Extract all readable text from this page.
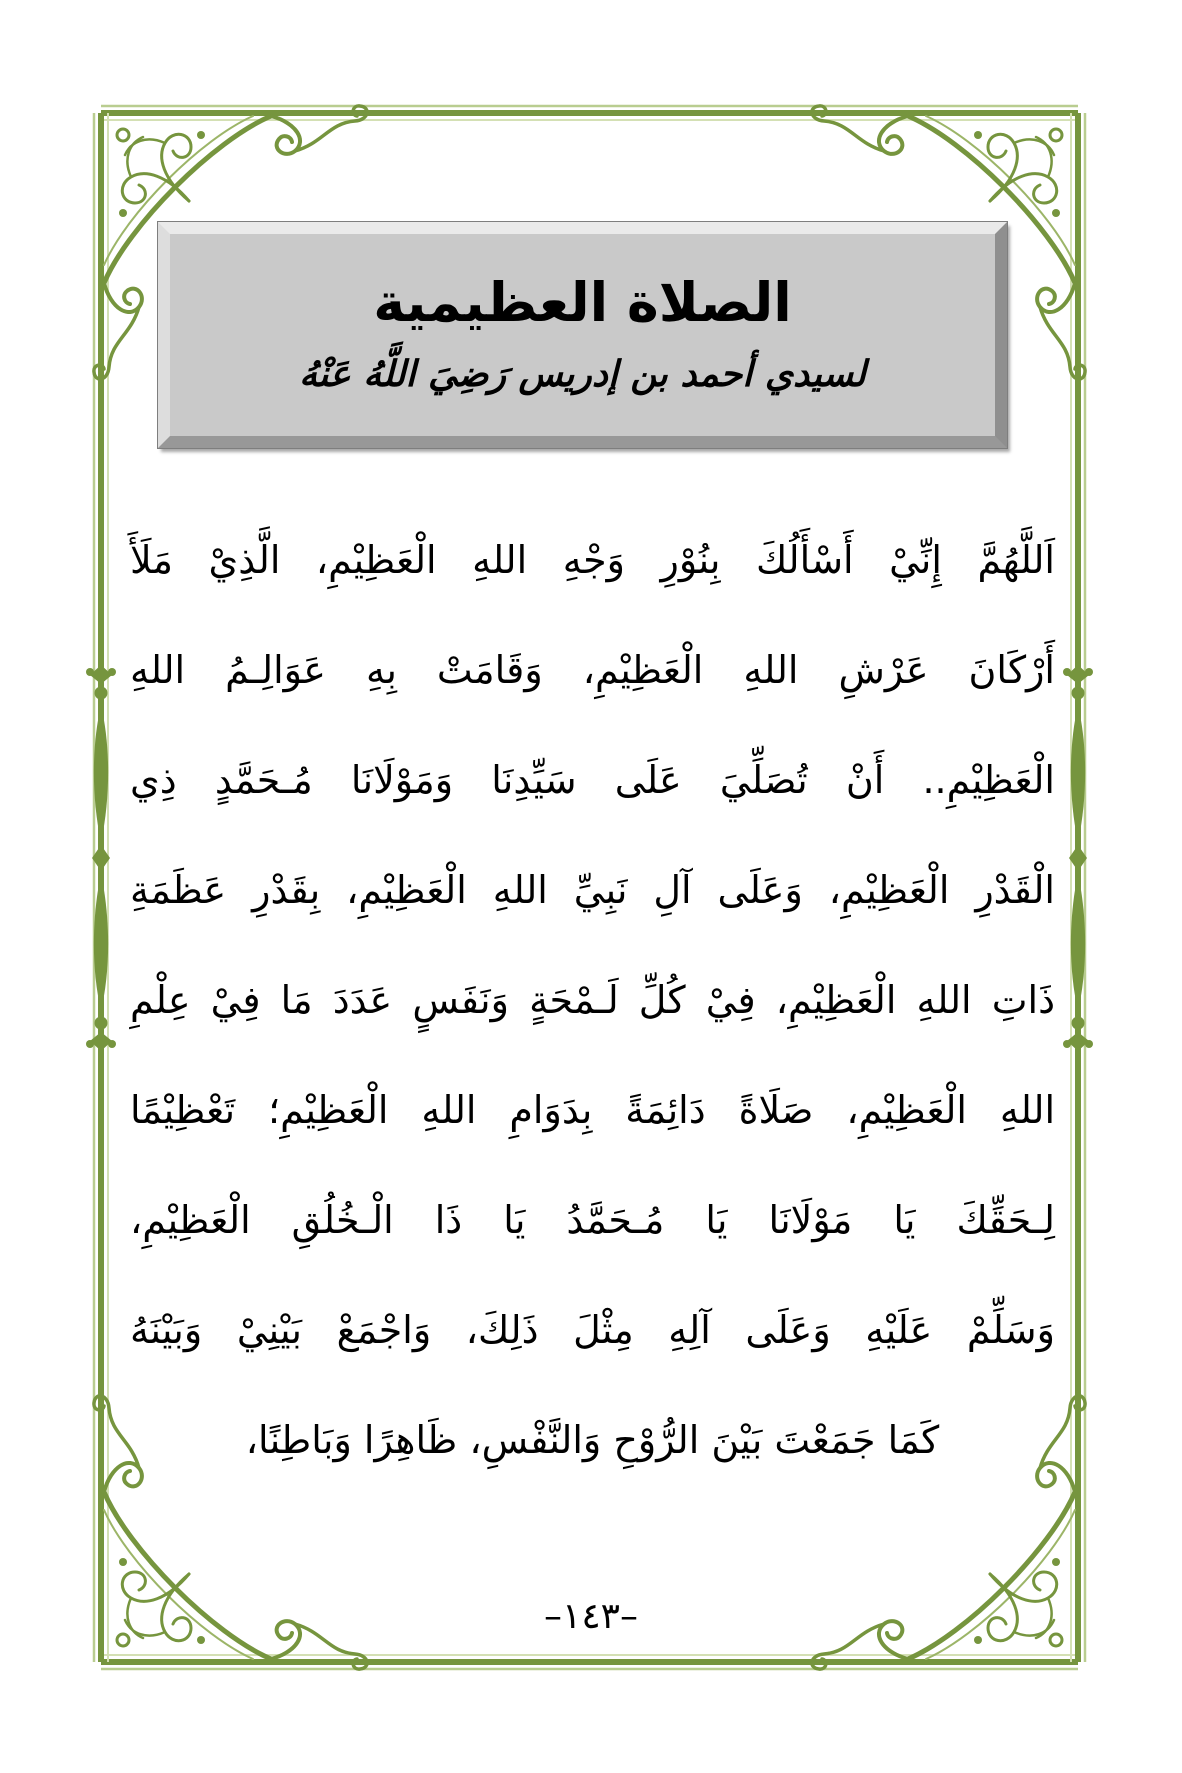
الصلاة العظيمية
لسيدي أحمد بن إدريس رَضِيَ اللَّهُ عَنْهُ
اَللَّهُمَّ إِنِّيْ أَسْأَلُكَ بِنُوْرِ وَجْهِ اللهِ الْعَظِيْمِ، الَّذِيْ مَلَأَ
أَرْكَانَ عَرْشِ اللهِ الْعَظِيْمِ، وَقَامَتْ بِهِ عَوَالِـمُ اللهِ
الْعَظِيْمِ.. أَنْ تُصَلِّيَ عَلَى سَيِّدِنَا وَمَوْلَانَا مُـحَمَّدٍ ذِي
الْقَدْرِ الْعَظِيْمِ، وَعَلَى آلِ نَبِيِّ اللهِ الْعَظِيْمِ، بِقَدْرِ عَظَمَةِ
ذَاتِ اللهِ الْعَظِيْمِ، فِيْ كُلِّ لَـمْحَةٍ وَنَفَسٍ عَدَدَ مَا فِيْ عِلْمِ
اللهِ الْعَظِيْمِ، صَلَاةً دَائِمَةً بِدَوَامِ اللهِ الْعَظِيْمِ؛ تَعْظِيْمًا
لِـحَقِّكَ يَا مَوْلَانَا يَا مُـحَمَّدُ يَا ذَا الْـخُلُقِ الْعَظِيْمِ،
وَسَلِّمْ عَلَيْهِ وَعَلَى آلِهِ مِثْلَ ذَلِكَ، وَاجْمَعْ بَيْنِيْ وَبَيْنَهُ
كَمَا جَمَعْتَ بَيْنَ الرُّوْحِ وَالنَّفْسِ، ظَاهِرًا وَبَاطِنًا،
–١٤٣–
